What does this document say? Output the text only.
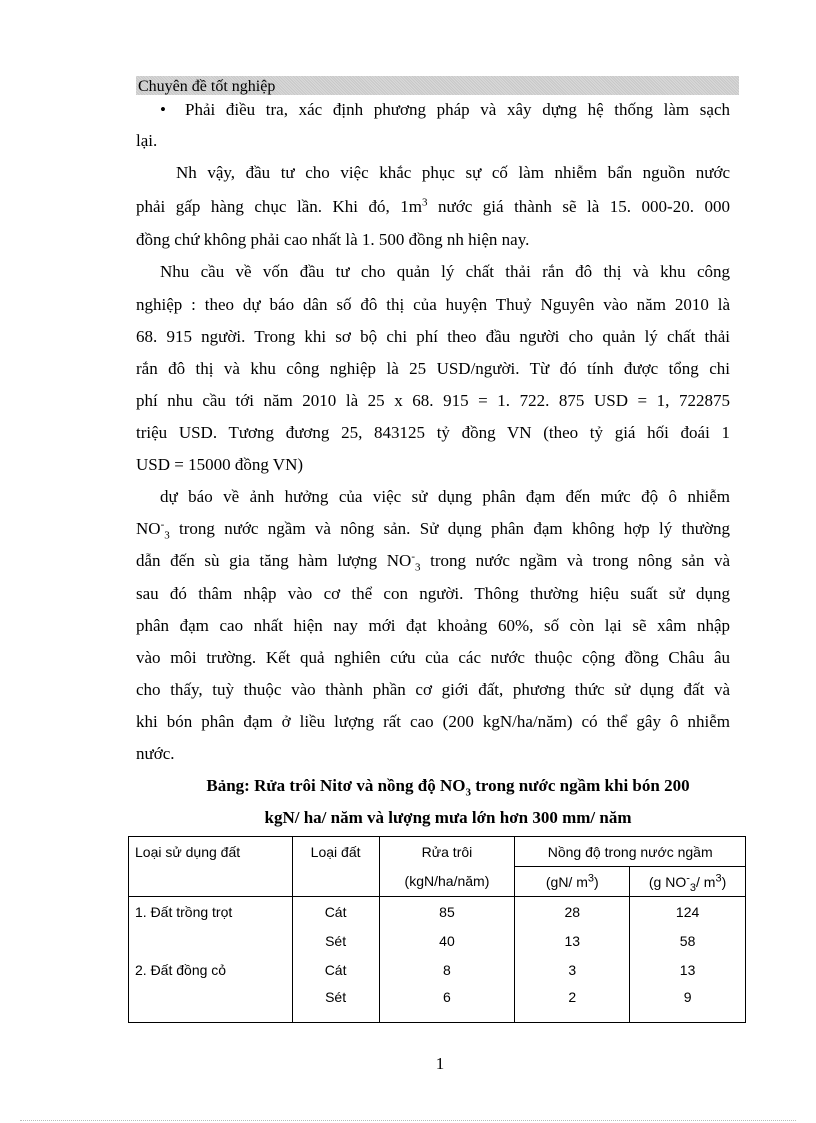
Chuyên đề tốt nghiệp
• Phải điều tra, xác định phương pháp và xây dựng hệ thống làm sạch
lại.
Nh vậy, đầu tư cho việc khắc phục sự cố làm nhiễm bẩn nguồn nước
phải gấp hàng chục lần. Khi đó, $1m^3$ nước giá thành sẽ là 15. 000-20. 000
đồng chứ không phải cao nhất là 1. 500 đồng nh hiện nay.
Nhu cầu về vốn đầu tư cho quản lý chất thải rắn đô thị và khu công
nghiệp : theo dự báo dân số đô thị của huyện Thuỷ Nguyên vào năm 2010 là
68. 915 người. Trong khi sơ bộ chi phí theo đầu người cho quản lý chất thải
rắn đô thị và khu công nghiệp là 25 USD/người. Từ đó tính được tổng chi
phí nhu cầu tới năm 2010 là 25 x 68. 915 = 1. 722. 875 USD = 1, 722875
triệu USD. Tương đương 25, 843125 tỷ đồng VN (theo tỷ giá hối đoái 1
USD = 15000 đồng VN)
dự báo về ảnh hưởng của việc sử dụng phân đạm đến mức độ ô nhiễm
$NO^-_3$ trong nước ngầm và nông sản. Sử dụng phân đạm không hợp lý thường
dẫn đến sù gia tăng hàm lượng $NO^-_3$ trong nước ngầm và trong nông sản và
sau đó thâm nhập vào cơ thể con người. Thông thường hiệu suất sử dụng
phân đạm cao nhất hiện nay mới đạt khoảng 60%, số còn lại sẽ xâm nhập
vào môi trường. Kết quả nghiên cứu của các nước thuộc cộng đồng Châu âu
cho thấy, tuỳ thuộc vào thành phần cơ giới đất, phương thức sử dụng đất và
khi bón phân đạm ở liều lượng rất cao (200 kgN/ha/năm) có thể gây ô nhiễm
nước.
Bảng: Rửa trôi Nitơ và nồng độ $NO_3$ trong nước ngầm khi bón 200
kgN/ ha/ năm và lượng mưa lớn hơn 300 mm/ năm
Loại sử dụng đất	Loại đất	Rửa trôi	Nồng độ trong nước ngầm	
		(kgN/ha/năm)	(gN/ $m^3$)	(g $NO^-_3/$ $m^3$)
1. Đất trồng trọt	Cát	85	28	124
	Sét	40	13	58
2. Đất đồng cỏ	Cát	8	3	13
	Sét	6	2	9
1
